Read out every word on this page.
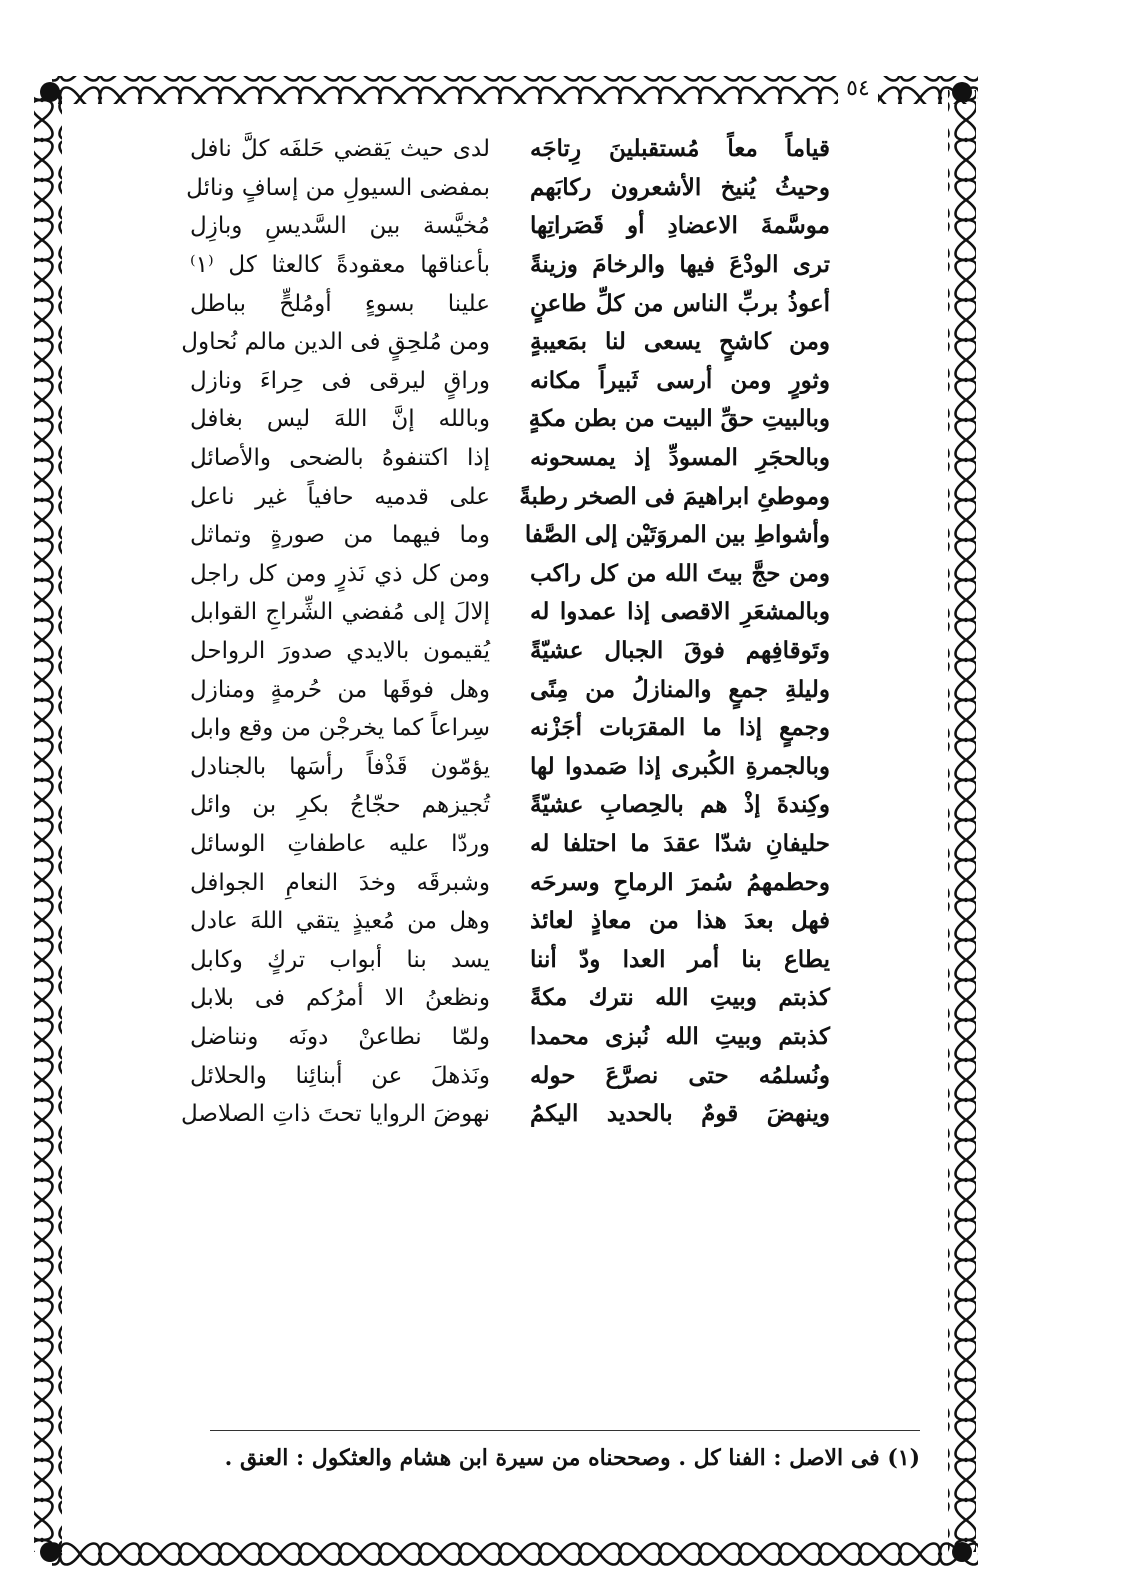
٥٤
قياماً معاً مُستقبلينَ رِتاجَه
لدى حيث يَقضي حَلفَه كلَّ نافل
وحيثُ يُنيخ الأشعرون ركابَهم
بمفضى السيولِ من إسافٍ ونائل
موسَّمةَ الاعضادِ أو قَصَراتِها
مُخيَّسة بين السَّديسِ وبازِل
ترى الودْعَ فيها والرخامَ وزينةً
بأعناقها معقودةً كالعثا كل ⁽١⁾
أعوذُ بربِّ الناس من كلِّ طاعنٍ
علينا بسوءٍ أومُلحٍّ بباطل
ومن كاشحٍ يسعى لنا بمَعيبةٍ
ومن مُلحِقٍ فى الدين مالم نُحاول
وثورٍ ومن أرسى ثَبيراً مكانه
وراقٍ ليرقى فى حِراءَ ونازل
وبالبيتِ حقِّ البيت من بطن مكةٍ
وبالله إنَّ اللهَ ليس بغافل
وبالحجَرِ المسودِّ إذ يمسحونه
إذا اكتنفوهُ بالضحى والأصائل
وموطئِ ابراهيمَ فى الصخر رطبةً
على قدميه حافياً غير ناعل
وأشواطِ بين المروَتَيْن إلى الصَّفا
وما فيهما من صورةٍ وتماثل
ومن حجَّ بيتَ الله من كل راكب
ومن كل ذي نَذرٍ ومن كل راجل
وبالمشعَرِ الاقصى إذا عمدوا له
إلالَ إلى مُفضي الشِّراجِ القوابل
وتَوقافِهم فوقَ الجبال عشيّةً
يُقيمون بالايدي صدورَ الرواحل
وليلةِ جمعٍ والمنازلُ من مِنًى
وهل فوقَها من حُرمةٍ ومنازل
وجمعٍ إذا ما المقرَبات أجَزْنه
سِراعاً كما يخرجْن من وقع وابل
وبالجمرةِ الكُبرى إذا صَمدوا لها
يؤمّون قَذْفاً رأسَها بالجنادل
وكِندةَ إذْ هم بالحِصابِ عشيّةً
تُجيزهم حجّاجُ بكرِ بن وائل
حليفانِ شدّا عقدَ ما احتلفا له
وردّا عليه عاطفاتِ الوسائل
وحطمهمُ سُمرَ الرماحِ وسرحَه
وشبرقَه وخدَ النعامِ الجوافل
فهل بعدَ هذا من معاذٍ لعائذ
وهل من مُعيذٍ يتقي اللهَ عادل
يطاع بنا أمر العدا ودّ أننا
يسد بنا أبواب تركٍ وكابل
كذبتم وبيتِ الله نترك مكةً
ونظعنُ الا أمرُكم فى بلابل
كذبتم وبيتِ الله نُبزى محمدا
ولمّا نطاعنْ دونَه ونناضل
ونُسلمُه حتى نصرَّعَ حوله
ونَذهلَ عن أبنائِنا والحلائل
وينهضَ قومٌ بالحديد اليكمُ
نهوضَ الروايا تحتَ ذاتِ الصلاصل
(١) فى الاصل : الفنا كل . وصححناه من سيرة ابن هشام والعثكول : العنق .
